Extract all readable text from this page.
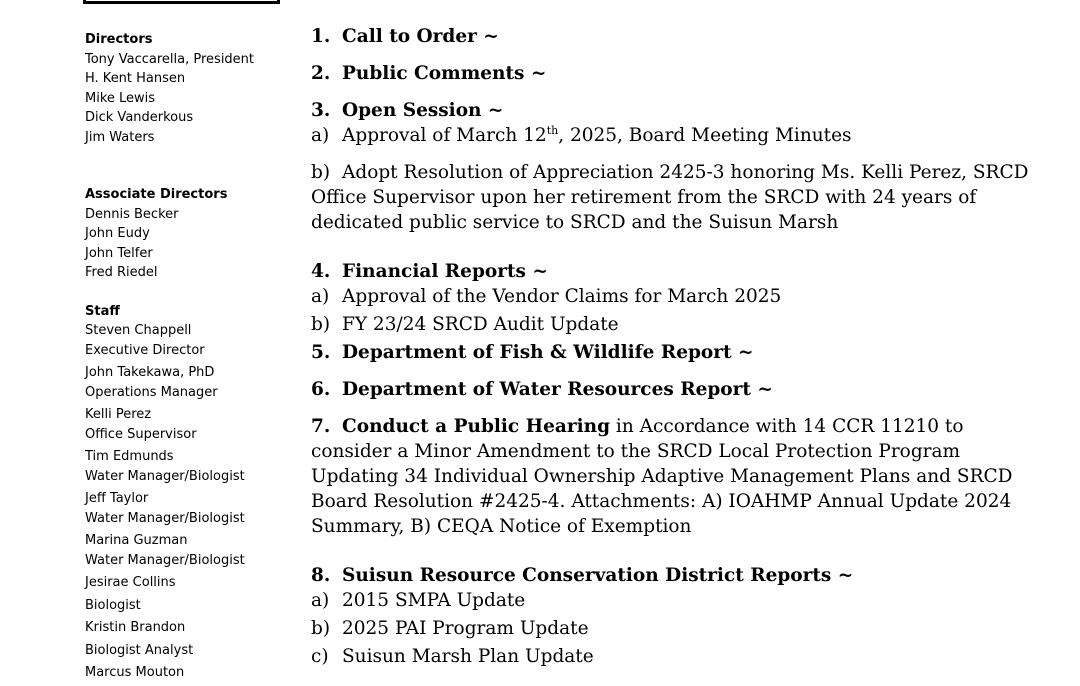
Directors
Tony Vaccarella, President
H. Kent Hansen
Mike Lewis
Dick Vanderkous
Jim Waters
Associate Directors
Dennis Becker
John Eudy
John Telfer
Fred Riedel
Staff
Steven Chappell
Executive Director
John Takekawa, PhD
Operations Manager
Kelli Perez
Office Supervisor
Tim Edmunds
Water Manager/Biologist
Jeff Taylor
Water Manager/Biologist
Marina Guzman
Water Manager/Biologist
Jesirae Collins
Biologist
Kristin Brandon
Biologist Analyst
Marcus Mouton
1. Call to Order ~
2. Public Comments ~
3. Open Session ~
a) Approval of March 12th, 2025, Board Meeting Minutes
b) Adopt Resolution of Appreciation 2425-3 honoring Ms. Kelli Perez, SRCD
Office Supervisor upon her retirement from the SRCD with 24 years of
dedicated public service to SRCD and the Suisun Marsh
4. Financial Reports ~
a) Approval of the Vendor Claims for March 2025
b) FY 23/24 SRCD Audit Update
5. Department of Fish & Wildlife Report ~
6. Department of Water Resources Report ~
7. Conduct a Public Hearing in Accordance with 14 CCR 11210 to
consider a Minor Amendment to the SRCD Local Protection Program
Updating 34 Individual Ownership Adaptive Management Plans and SRCD
Board Resolution #2425-4. Attachments: A) IOAHMP Annual Update 2024
Summary, B) CEQA Notice of Exemption
8. Suisun Resource Conservation District Reports ~
a) 2015 SMPA Update
b) 2025 PAI Program Update
c) Suisun Marsh Plan Update
